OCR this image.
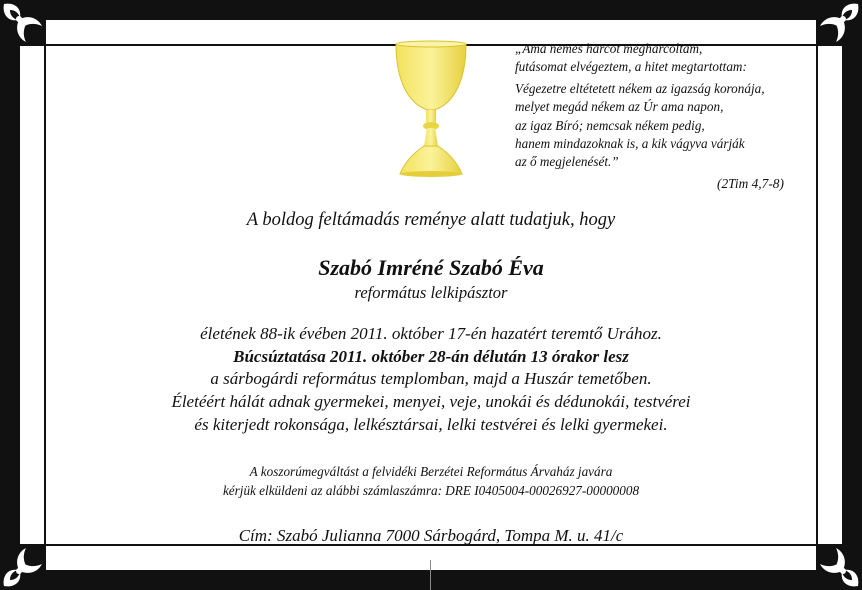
„Ama nemes harcot megharcoltam,
futásomat elvégeztem, a hitet megtartottam:
Végezetre eltétetett nékem az igazság koronája,
melyet megád nékem az Úr ama napon,
az igaz Bíró; nemcsak nékem pedig,
hanem mindazoknak is, a kik vágyva várják
az ő megjelenését.”
(2Tim 4,7-8)
A boldog feltámadás reménye alatt tudatjuk, hogy
Szabó Imréné Szabó Éva
református lelkipásztor
életének 88-ik évében 2011. október 17-én hazatért teremtő Urához.
Búcsúztatása 2011. október 28-án délután 13 órakor lesz
a sárbogárdi református templomban, majd a Huszár temetőben.
Életéért hálát adnak gyermekei, menyei, veje, unokái és dédunokái, testvérei
és kiterjedt rokonsága, lelkésztársai, lelki testvérei és lelki gyermekei.
A koszorúmegváltást a felvidéki Berzétei Református Árvaház javára
kérjük elküldeni az alábbi számlaszámra: DRE I0405004-00026927-00000008
Cím: Szabó Julianna 7000 Sárbogárd, Tompa M. u. 41/c
